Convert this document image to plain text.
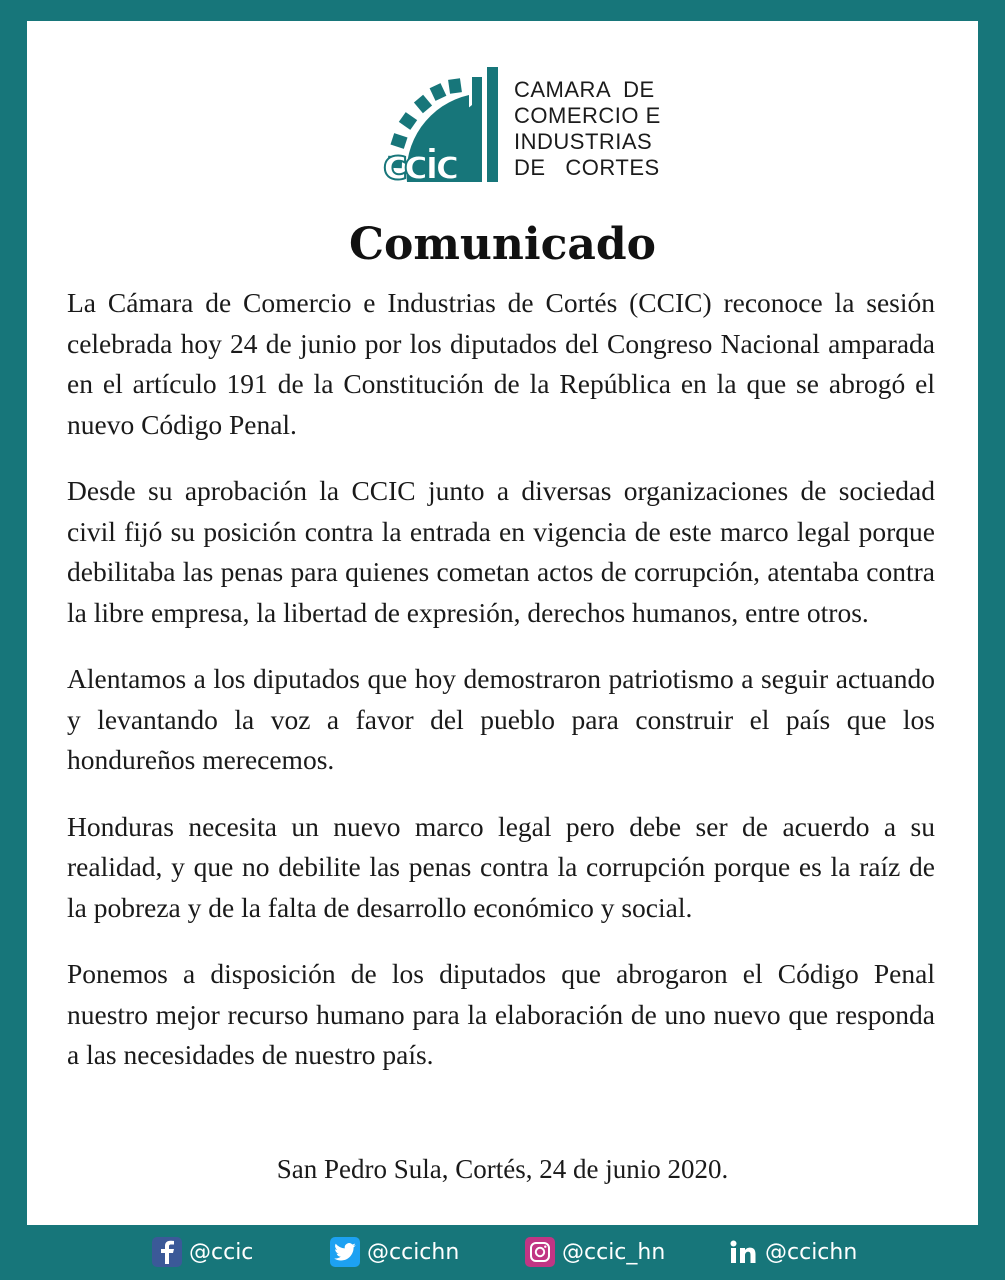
ccic
CAMARA  DE
COMERCIO E
INDUSTRIAS
DE   CORTES
Comunicado

La Cámara de Comercio e Industrias de Cortés (CCIC) reconoce la sesión celebrada hoy 24 de junio por los diputados del Congreso Nacional amparada en el artículo 191 de la Constitución de la República en la que se abrogó el nuevo Código Penal.

Desde su aprobación la CCIC junto a diversas organizaciones de sociedad civil fijó su posición contra la entrada en vigencia de este marco legal porque debilitaba las penas para quienes cometan actos de corrupción, atentaba contra la libre empresa, la libertad de expresión, derechos humanos, entre otros.

Alentamos a los diputados que hoy demostraron patriotismo a seguir actuando y levantando la voz a favor del pueblo para construir el país que los hondureños merecemos.

Honduras necesita un nuevo marco legal pero debe ser de acuerdo a su realidad, y que no debilite las penas contra la corrupción porque es la raíz de la pobreza y de la falta de desarrollo económico y social.

Ponemos a disposición de los diputados que abrogaron el Código Penal nuestro mejor recurso humano para la elaboración de uno nuevo que responda a las necesidades de nuestro país.

San Pedro Sula, Cortés, 24 de junio 2020.
@ccic	@ccichn	@ccic_hn	@ccichn
